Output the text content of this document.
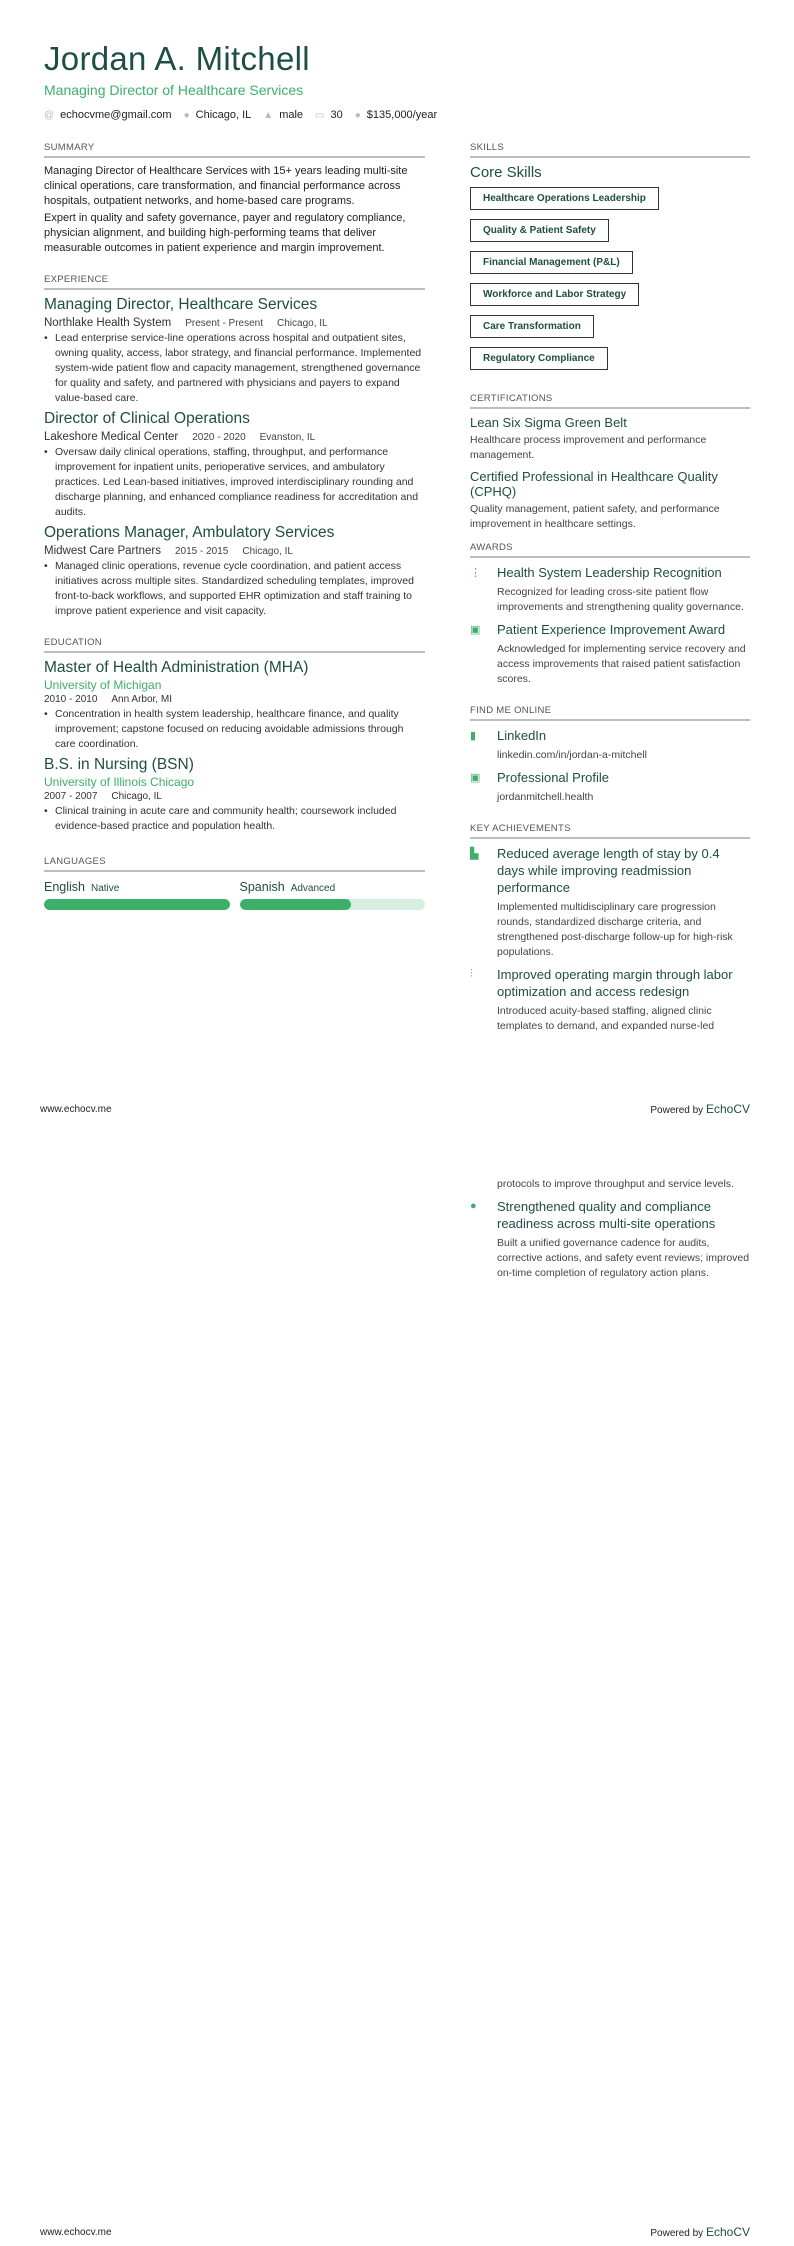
Jordan A. Mitchell
Managing Director of Healthcare Services
@ echocvme@gmail.com ● Chicago, IL ▲ male ▭ 30 ● $135,000/year
SUMMARY

Managing Director of Healthcare Services with 15+ years leading multi-site clinical operations, care transformation, and financial performance across hospitals, outpatient networks, and home-based care programs.

Expert in quality and safety governance, payer and regulatory compliance, physician alignment, and building high-performing teams that deliver measurable outcomes in patient experience and margin improvement.

EXPERIENCE
Managing Director, Healthcare Services
Northlake Health System Present - Present Chicago, IL
• Lead enterprise service-line operations across hospital and outpatient sites, owning quality, access, labor strategy, and financial performance. Implemented system-wide patient flow and capacity management, strengthened governance for quality and safety, and partnered with physicians and payers to expand value-based care.
Director of Clinical Operations
Lakeshore Medical Center 2020 - 2020 Evanston, IL
• Oversaw daily clinical operations, staffing, throughput, and performance improvement for inpatient units, perioperative services, and ambulatory practices. Led Lean-based initiatives, improved interdisciplinary rounding and discharge planning, and enhanced compliance readiness for accreditation and audits.
Operations Manager, Ambulatory Services
Midwest Care Partners 2015 - 2015 Chicago, IL
• Managed clinic operations, revenue cycle coordination, and patient access initiatives across multiple sites. Standardized scheduling templates, improved front-to-back workflows, and supported EHR optimization and staff training to improve patient experience and visit capacity.
EDUCATION
Master of Health Administration (MHA)
University of Michigan
2010 - 2010 Ann Arbor, MI
• Concentration in health system leadership, healthcare finance, and quality improvement; capstone focused on reducing avoidable admissions through care coordination.
B.S. in Nursing (BSN)
University of Illinois Chicago
2007 - 2007 Chicago, IL
• Clinical training in acute care and community health; coursework included evidence-based practice and population health.
LANGUAGES
English Native	Spanish Advanced
SKILLS
Core Skills
Healthcare Operations Leadership
Quality & Patient Safety
Financial Management (P&L)
Workforce and Labor Strategy
Care Transformation
Regulatory Compliance
CERTIFICATIONS
Lean Six Sigma Green Belt
Healthcare process improvement and performance management.
Certified Professional in Healthcare Quality (CPHQ)
Quality management, patient safety, and performance improvement in healthcare settings.
AWARDS
⋮	Health System Leadership Recognition
Recognized for leading cross-site patient flow improvements and strengthening quality governance.
▣	Patient Experience Improvement Award
Acknowledged for implementing service recovery and access improvements that raised patient satisfaction scores.
FIND ME ONLINE
▮	LinkedIn
linkedin.com/in/jordan-a-mitchell
▣	Professional Profile
jordanmitchell.health
KEY ACHIEVEMENTS
▙	Reduced average length of stay by 0.4 days while improving readmission performance
Implemented multidisciplinary care progression rounds, standardized discharge criteria, and strengthened post-discharge follow-up for high-risk populations.
⫶	Improved operating margin through labor optimization and access redesign
Introduced acuity-based staffing, aligned clinic templates to demand, and expanded nurse-led
www.echocv.me	Powered by EchoCV
protocols to improve throughput and service levels.
●	Strengthened quality and compliance readiness across multi-site operations
Built a unified governance cadence for audits, corrective actions, and safety event reviews; improved on-time completion of regulatory action plans.
www.echocv.me	Powered by EchoCV
